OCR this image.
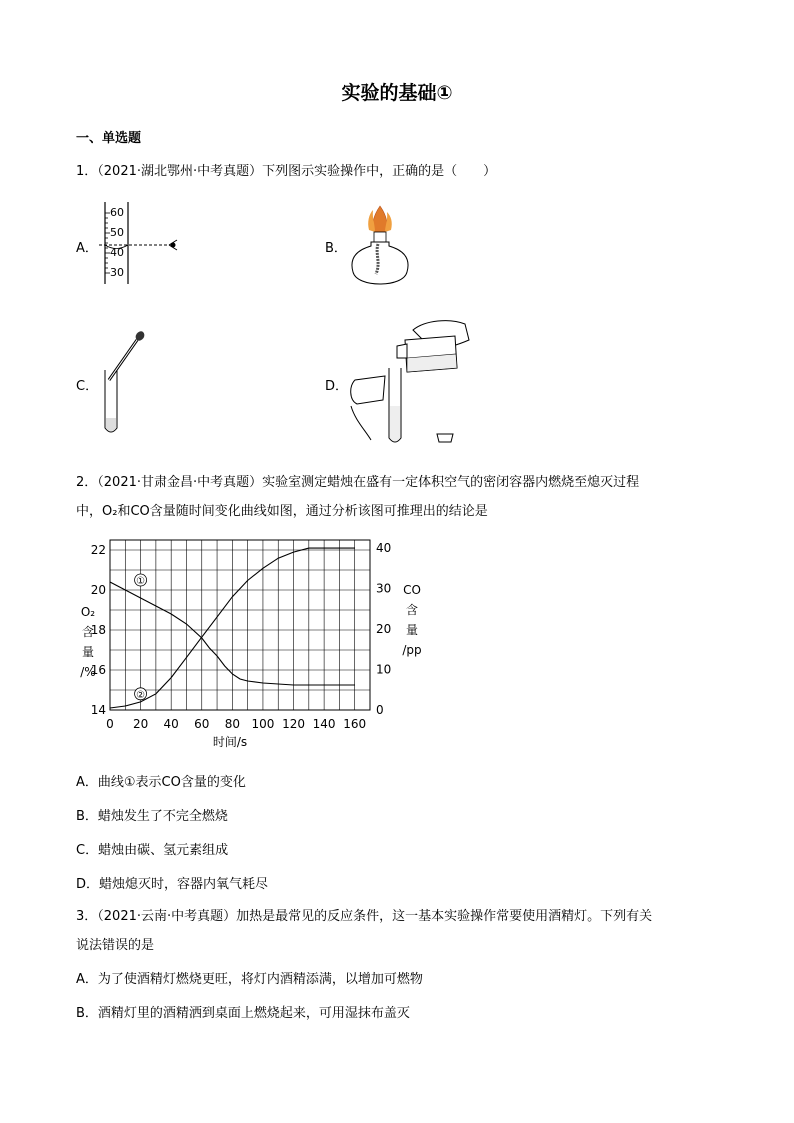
实验的基础①
一、单选题
1．（2021·湖北鄂州·中考真题）下列图示实验操作中，正确的是（　　）
A．
60
50
40
30
B．
C．	D．
2．（2021·甘肃金昌·中考真题）实验室测定蜡烛在盛有一定体积空气的密闭容器内燃烧至熄灭过程
中，O₂和CO含量随时间变化曲线如图，通过分析该图可推理出的结论是
0 20 40 60 80 100 120 140 160
22
20
18
16
14
40
30
20
10
0
①
②
时间/s
O₂
含
量
/%
CO
含
量
/pp
A．曲线①表示CO含量的变化
B．蜡烛发生了不完全燃烧
C．蜡烛由碳、氢元素组成
D．蜡烛熄灭时，容器内氧气耗尽
3．（2021·云南·中考真题）加热是最常见的反应条件，这一基本实验操作常要使用酒精灯。下列有关
说法错误的是
A．为了使酒精灯燃烧更旺，将灯内酒精添满，以增加可燃物
B．酒精灯里的酒精洒到桌面上燃烧起来，可用湿抹布盖灭
